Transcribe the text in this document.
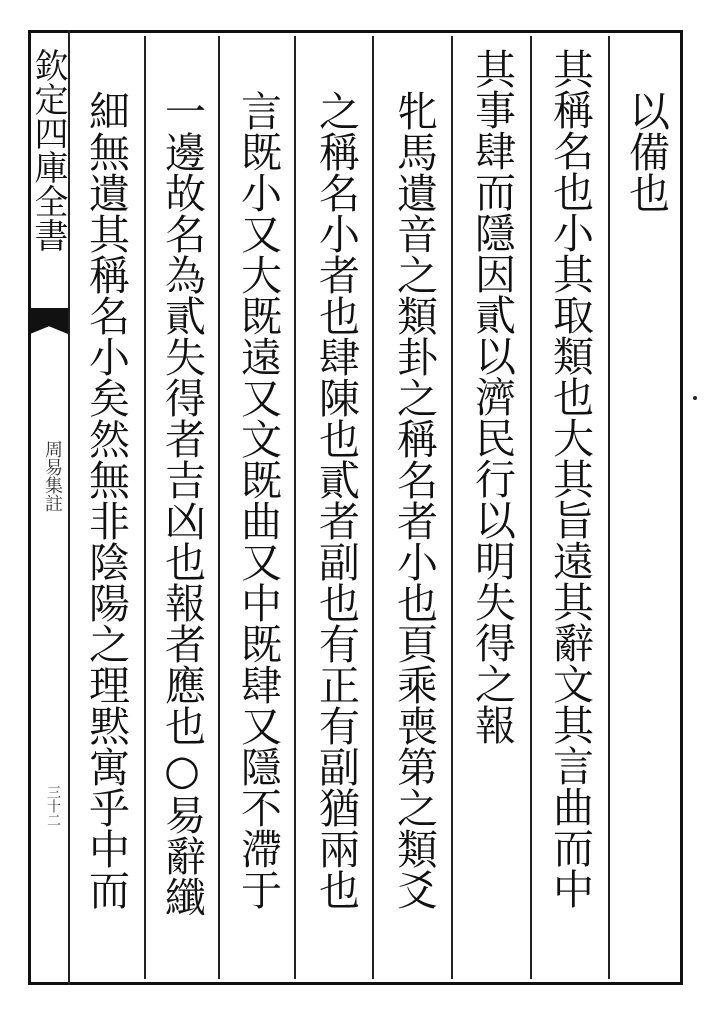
欽定四庫全書
周易集註
三十二
以備也
其稱名也小其取類也大其旨遠其辭文其言曲而中
其事肆而隱因貳以濟民行以明失得之報
牝馬遺音之類卦之稱名者小也頁乘喪第之類爻
之稱名小者也肆陳也貳者副也有正有副猶兩也
言既小又大既遠又文既曲又中既肆又隱不滯于
一邊故名為貳失得者吉凶也報者應也○易辭纖
細無遺其稱名小矣然無非陰陽之理黙寓乎中而
